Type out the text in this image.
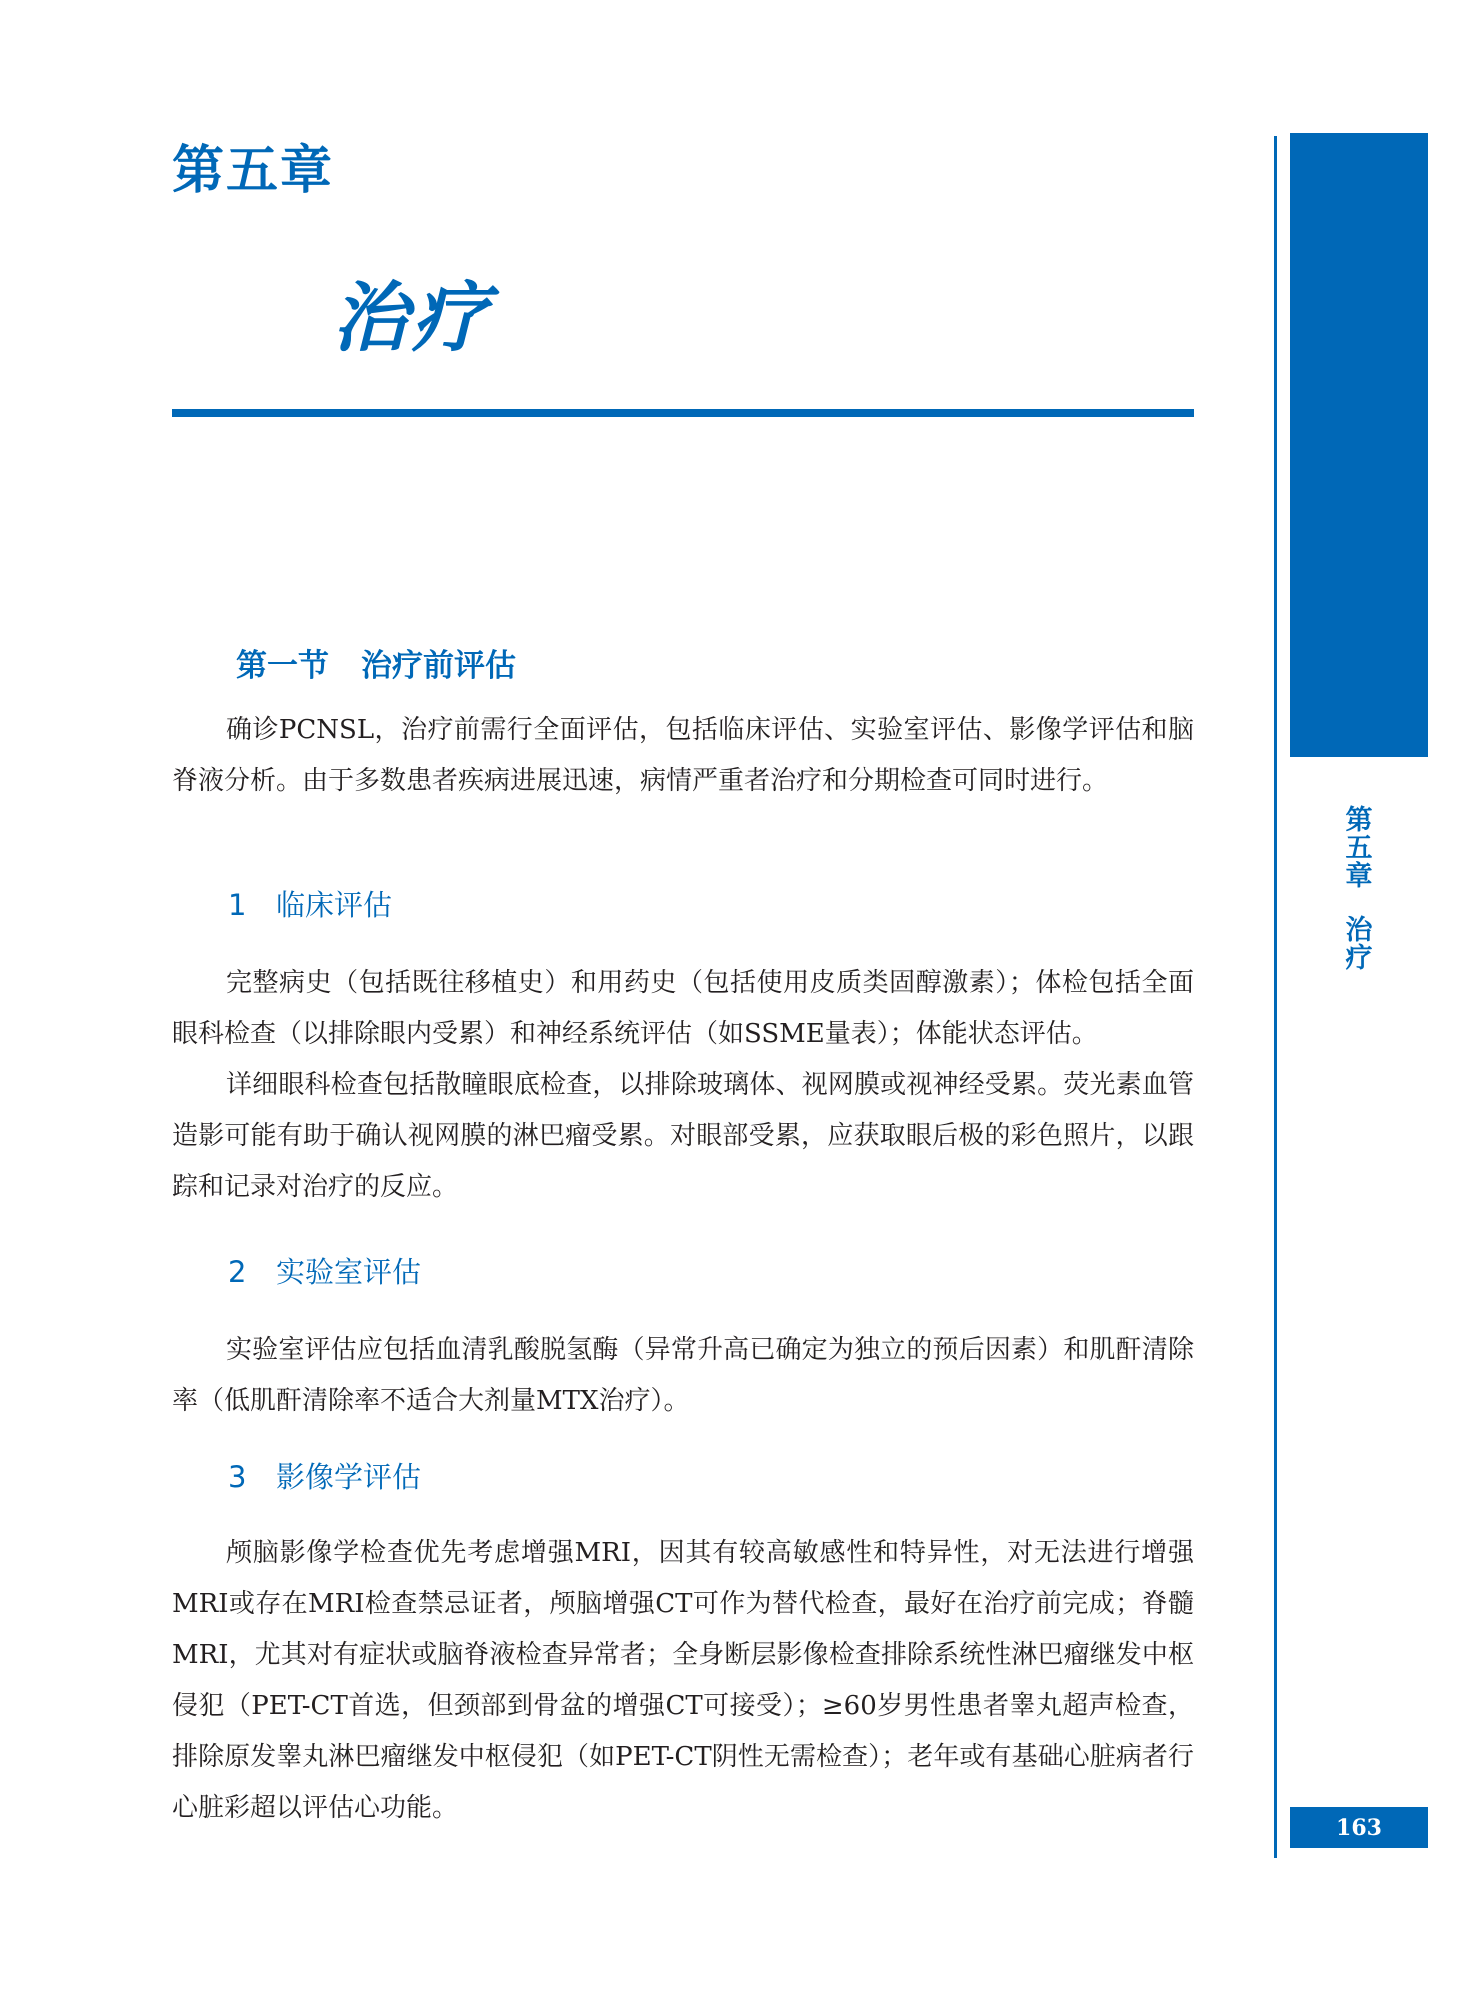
第五章
治疗
第一节 治疗前评估

确诊PCNSL，治疗前需行全面评估，包括临床评估、实验室评估、影像学评估和脑脊液分析。由于多数患者疾病进展迅速，病情严重者治疗和分期检查可同时进行。

1 临床评估

完整病史（包括既往移植史）和用药史（包括使用皮质类固醇激素）；体检包括全面眼科检查（以排除眼内受累）和神经系统评估（如SSME量表）；体能状态评估。

详细眼科检查包括散瞳眼底检查，以排除玻璃体、视网膜或视神经受累。荧光素血管造影可能有助于确认视网膜的淋巴瘤受累。对眼部受累，应获取眼后极的彩色照片，以跟踪和记录对治疗的反应。

2 实验室评估

实验室评估应包括血清乳酸脱氢酶（异常升高已确定为独立的预后因素）和肌酐清除率（低肌酐清除率不适合大剂量MTX治疗）。

3 影像学评估

颅脑影像学检查优先考虑增强MRI，因其有较高敏感性和特异性，对无法进行增强MRI或存在MRI检查禁忌证者，颅脑增强CT可作为替代检查，最好在治疗前完成；脊髓MRI，尤其对有症状或脑脊液检查异常者；全身断层影像检查排除系统性淋巴瘤继发中枢侵犯（PET-CT首选，但颈部到骨盆的增强CT可接受）；≥60岁男性患者睾丸超声检查，排除原发睾丸淋巴瘤继发中枢侵犯（如PET-CT阴性无需检查）；老年或有基础心脏病者行心脏彩超以评估心功能。

原发性中枢神经系统淋巴瘤
第
五
章
治
疗
163
